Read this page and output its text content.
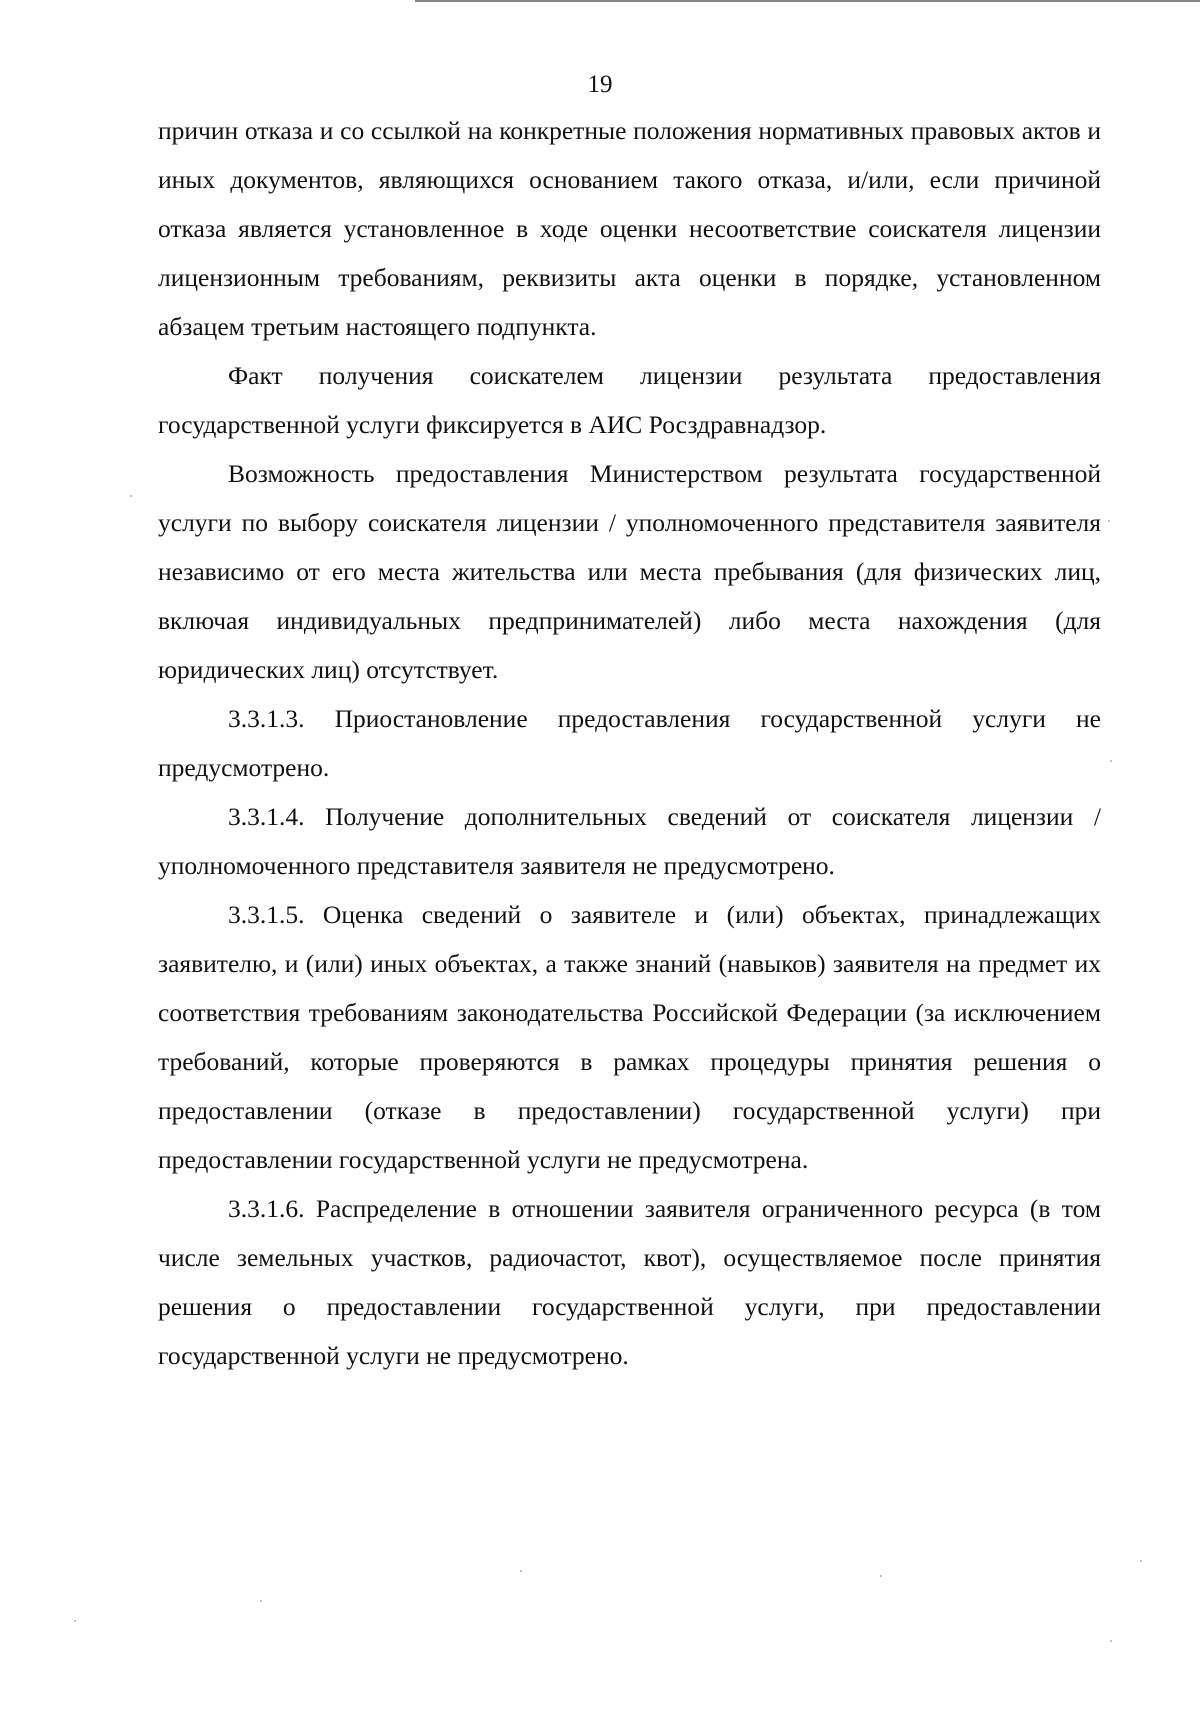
19

причин отказа и со ссылкой на конкретные положения нормативных правовых актов и иных документов, являющихся основанием такого отказа, и/или, если причиной отказа является установленное в ходе оценки несоответствие соискателя лицензии лицензионным требованиям, реквизиты акта оценки в порядке, установленном абзацем третьим настоящего подпункта.

Факт получения соискателем лицензии результата предоставления государственной услуги фиксируется в АИС Росздравнадзор.

Возможность предоставления Министерством результата государственной услуги по выбору соискателя лицензии / уполномоченного представителя заявителя независимо от его места жительства или места пребывания (для физических лиц, включая индивидуальных предпринимателей) либо места нахождения (для юридических лиц) отсутствует.

3.3.1.3. Приостановление предоставления государственной услуги не предусмотрено.

3.3.1.4. Получение дополнительных сведений от соискателя лицензии / уполномоченного представителя заявителя не предусмотрено.

3.3.1.5. Оценка сведений о заявителе и (или) объектах, принадлежащих заявителю, и (или) иных объектах, а также знаний (навыков) заявителя на предмет их соответствия требованиям законодательства Российской Федерации (за исключением требований, которые проверяются в рамках процедуры принятия решения о предоставлении (отказе в предоставлении) государственной услуги) при предоставлении государственной услуги не предусмотрена.

3.3.1.6. Распределение в отношении заявителя ограниченного ресурса (в том числе земельных участков, радиочастот, квот), осуществляемое после принятия решения о предоставлении государственной услуги, при предоставлении государственной услуги не предусмотрено.
